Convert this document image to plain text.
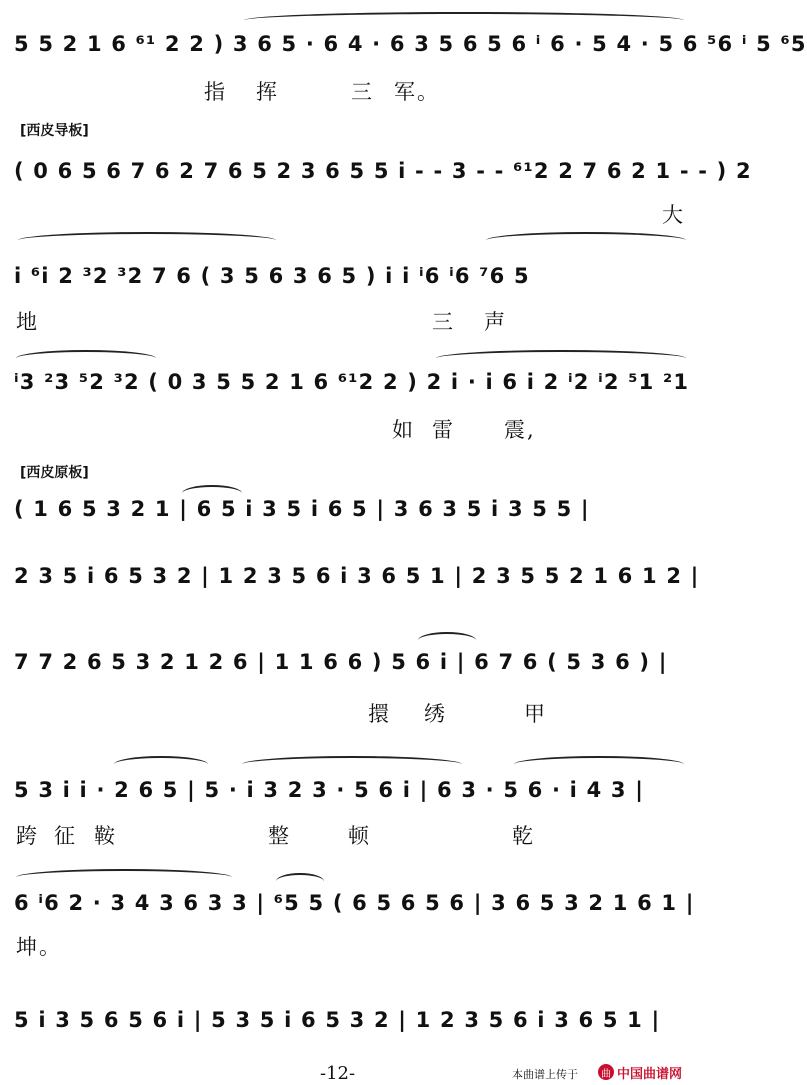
5 5 2 1 6 ⁶¹ 2 2 ) 3 6 5 · 6 4 · 6 3 5 6 5 6 ⁱ 6 · 5 4 · 5 6 ⁵6 ⁱ 5 ⁶5
指 挥	三 军。
[西皮导板]
( 0 6 5 6 7 6 2 7 6 5 2 3 6 5 5 i - - 3 - - ⁶¹2 2 7 6 2 1 - - ) 2
大
i ⁶i 2 ³2 ³2 7 6 ( 3 5 6 3 6 5 ) i i ⁱ6 ⁱ6 ⁷6 5
地	三 声
ⁱ3 ²3 ⁵2 ³2 ( 0 3 5 5 2 1 6 ⁶¹2 2 ) 2 i · i 6 i 2 ⁱ2 ⁱ2 ⁵1 ²1
如 雷 震,
[西皮原板]
( 1 6 5 3 2 1 | 6 5 i 3 5 i 6 5 | 3 6 3 5 i 3 5 5 |
2 3 5 i 6 5 3 2 | 1 2 3 5 6 i 3 6 5 1 | 2 3 5 5 2 1 6 1 2 |
7 7 2 6 5 3 2 1 2 6 | 1 1 6 6 ) 5 6 i | 6 7 6 ( 5 3 6 ) |
擐 绣	甲
5 3 i i · 2 6 5 | 5 · i 3 2 3 · 5 6 i | 6 3 · 5 6 · i 4 3 |
跨 征 鞍	整	顿	乾
6 ⁱ6 2 · 3 4 3 6 3 3 | ⁶5 5 ( 6 5 6 5 6 | 3 6 5 3 2 1 6 1 |
坤。
5 i 3 5 6 5 6 i | 5 3 5 i 6 5 3 2 | 1 2 3 5 6 i 3 6 5 1 |
-12-	本曲谱上传于	曲 中国曲谱网
